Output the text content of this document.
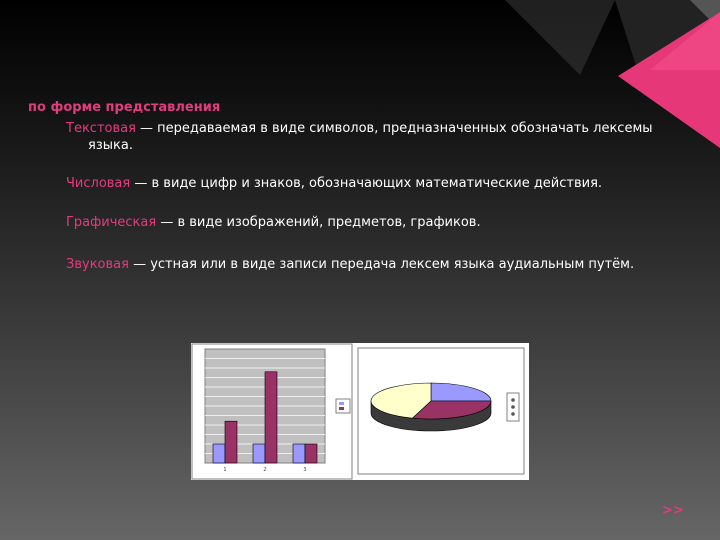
по форме представления

Текстовая — передаваемая в виде символов, предназначенных обозначать лексемы
языка.

Числовая — в виде цифр и знаков, обозначающих математические действия.

Графическая — в виде изображений, предметов, графиков.

Звуковая — устная или в виде записи передача лексем языка аудиальным путём.

1	2	3
>>
